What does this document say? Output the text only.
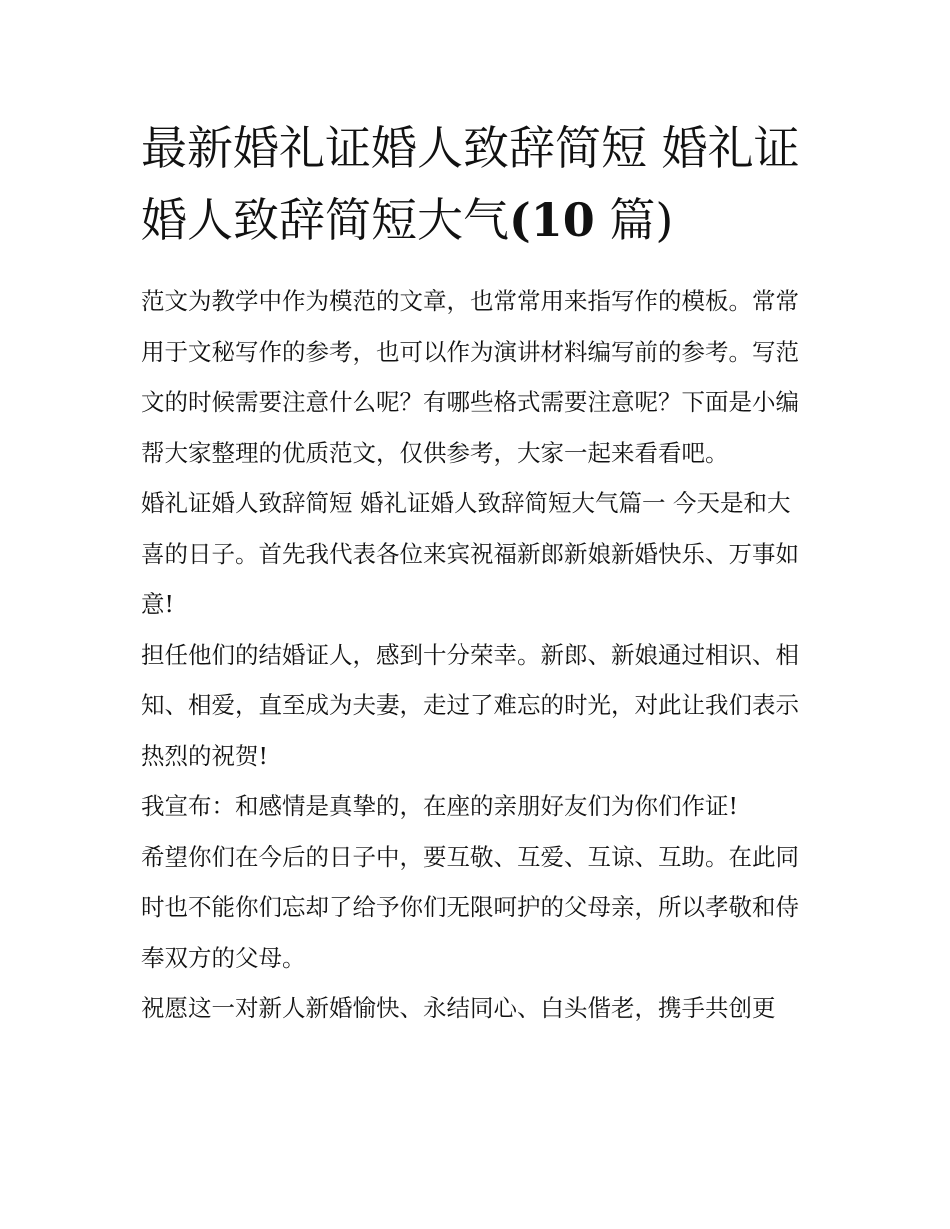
最新婚礼证婚人致辞简短 婚礼证婚人致辞简短大气(10 篇)

范文为教学中作为模范的文章，也常常用来指写作的模板。常常用于文秘写作的参考，也可以作为演讲材料编写前的参考。写范文的时候需要注意什么呢？有哪些格式需要注意呢？下面是小编帮大家整理的优质范文，仅供参考，大家一起来看看吧。

婚礼证婚人致辞简短 婚礼证婚人致辞简短大气篇一 今天是和大喜的日子。首先我代表各位来宾祝福新郎新娘新婚快乐、万事如意!

担任他们的结婚证人，感到十分荣幸。新郎、新娘通过相识、相知、相爱，直至成为夫妻，走过了难忘的时光，对此让我们表示热烈的祝贺!

我宣布：和感情是真挚的，在座的亲朋好友们为你们作证!

希望你们在今后的日子中，要互敬、互爱、互谅、互助。在此同时也不能你们忘却了给予你们无限呵护的父母亲，所以孝敬和侍奉双方的父母。

祝愿这一对新人新婚愉快、永结同心、白头偕老，携手共创更
